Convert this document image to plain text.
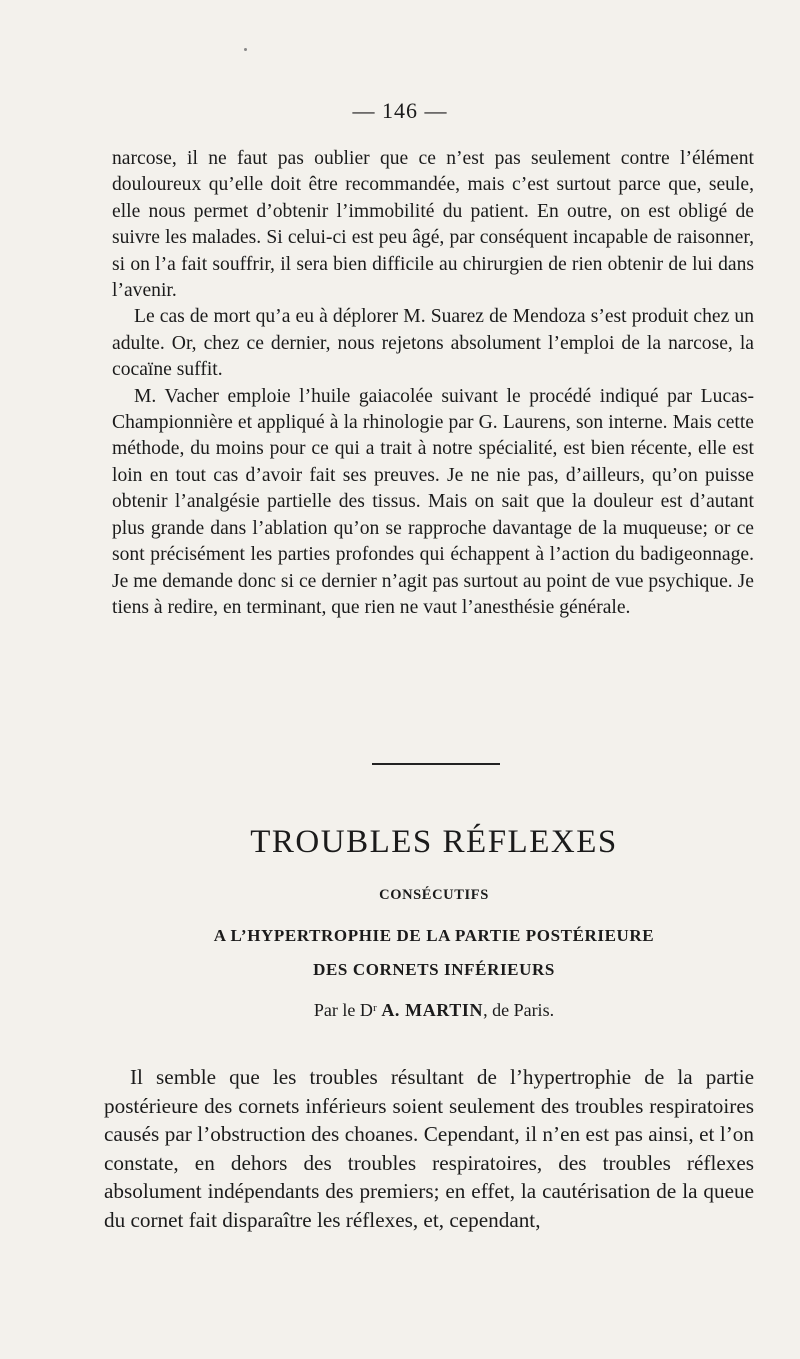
— 146 —

narcose, il ne faut pas oublier que ce n’est pas seulement contre l’élément douloureux qu’elle doit être recommandée, mais c’est surtout parce que, seule, elle nous permet d’obtenir l’immobilité du patient. En outre, on est obligé de suivre les malades. Si celui-ci est peu âgé, par conséquent incapable de raisonner, si on l’a fait souffrir, il sera bien difficile au chirurgien de rien obtenir de lui dans l’avenir.

Le cas de mort qu’a eu à déplorer M. Suarez de Mendoza s’est produit chez un adulte. Or, chez ce dernier, nous rejetons absolument l’emploi de la narcose, la cocaïne suffit.

M. Vacher emploie l’huile gaiacolée suivant le procédé indiqué par Lucas-Championnière et appliqué à la rhinologie par G. Laurens, son interne. Mais cette méthode, du moins pour ce qui a trait à notre spécialité, est bien récente, elle est loin en tout cas d’avoir fait ses preuves. Je ne nie pas, d’ailleurs, qu’on puisse obtenir l’analgésie partielle des tissus. Mais on sait que la douleur est d’autant plus grande dans l’ablation qu’on se rapproche davantage de la muqueuse; or ce sont précisément les parties profondes qui échappent à l’action du badigeonnage. Je me demande donc si ce dernier n’agit pas surtout au point de vue psychique. Je tiens à redire, en terminant, que rien ne vaut l’anesthésie générale.

TROUBLES RÉFLEXES
CONSÉCUTIFS
A L’HYPERTROPHIE DE LA PARTIE POSTÉRIEURE
DES CORNETS INFÉRIEURS
Par le Dʳ A. MARTIN, de Paris.

Il semble que les troubles résultant de l’hypertrophie de la partie postérieure des cornets inférieurs soient seulement des troubles respiratoires causés par l’obstruction des choanes. Cependant, il n’en est pas ainsi, et l’on constate, en dehors des troubles respiratoires, des troubles réflexes absolument indépendants des premiers; en effet, la cautérisation de la queue du cornet fait disparaître les réflexes, et, cependant,
